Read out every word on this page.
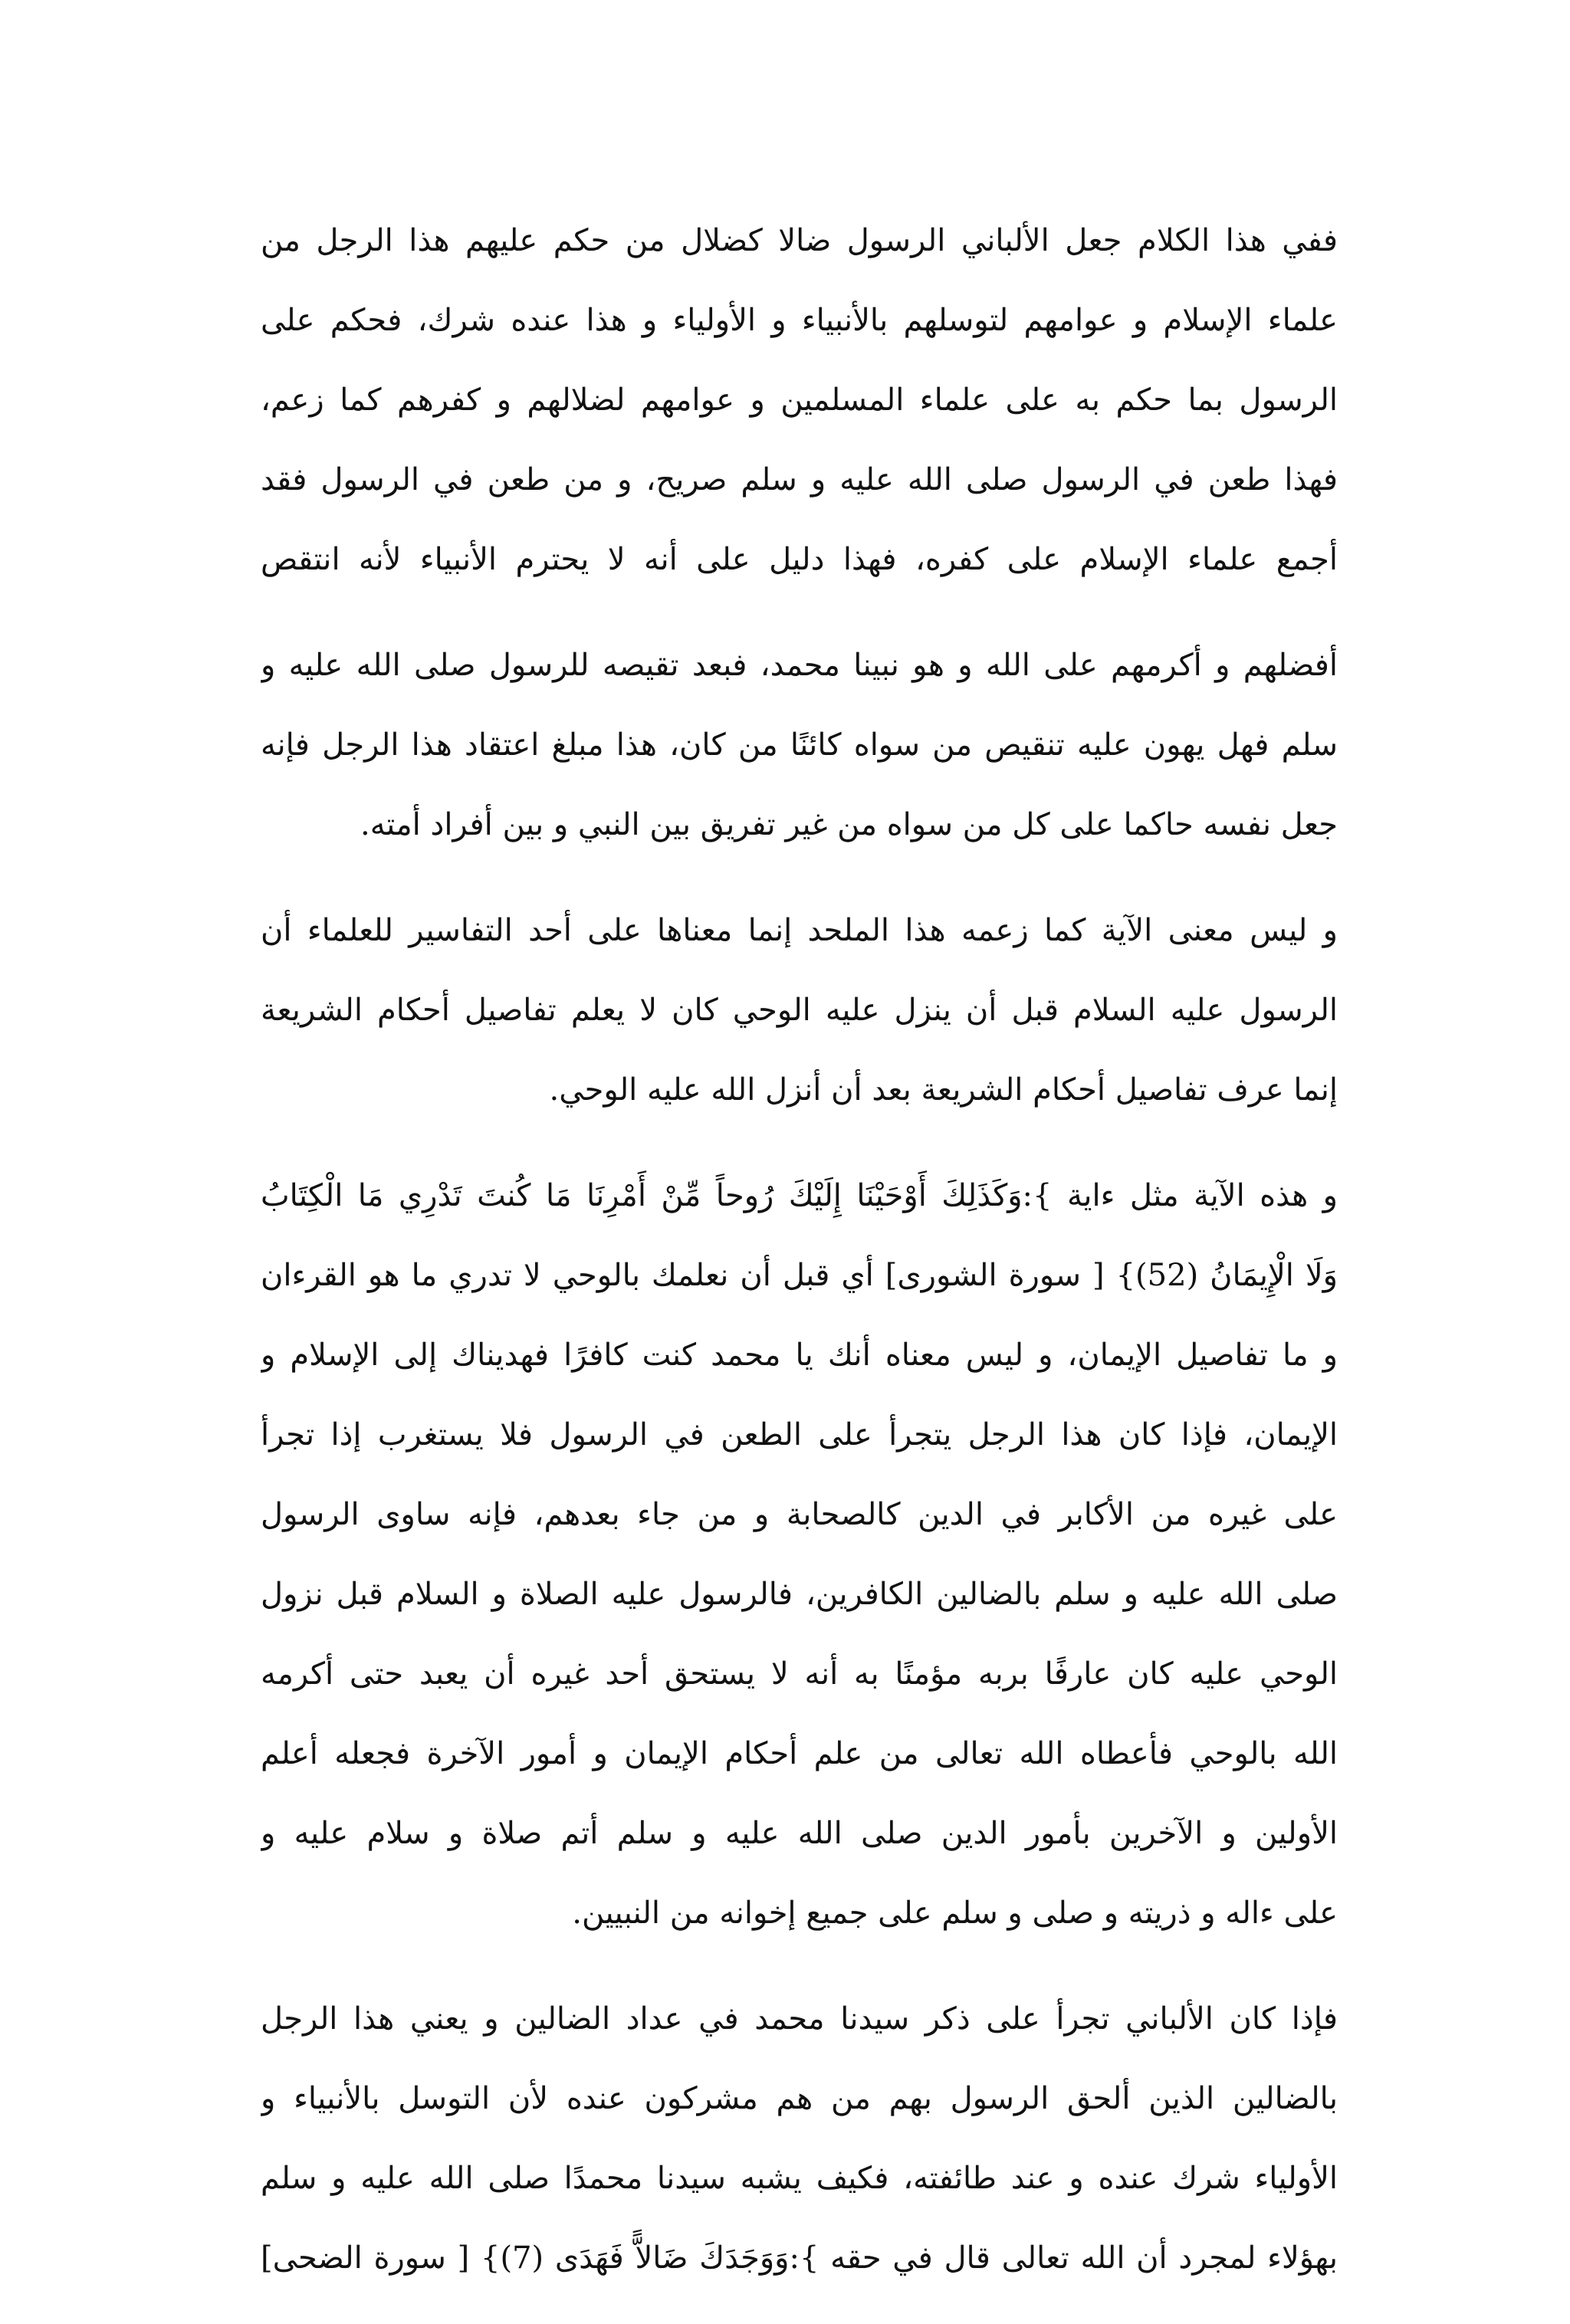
ففي هذا الكلام جعل الألباني الرسول ضالا كضلال من حكم عليهم هذا الرجل من
علماء الإسلام و عوامهم لتوسلهم بالأنبياء و الأولياء و هذا عنده شرك، فحكم على
الرسول بما حكم به على علماء المسلمين و عوامهم لضلالهم و كفرهم كما زعم،
فهذا طعن في الرسول صلى الله عليه و سلم صريح، و من طعن في الرسول فقد
أجمع علماء الإسلام على كفره، فهذا دليل على أنه لا يحترم الأنبياء لأنه انتقص

أفضلهم و أكرمهم على الله و هو نبينا محمد، فبعد تقيصه للرسول صلى الله عليه و
سلم فهل يهون عليه تنقيص من سواه كائنًا من كان، هذا مبلغ اعتقاد هذا الرجل فإنه
جعل نفسه حاكما على كل من سواه من غير تفريق بين النبي و بين أفراد أمته.

و ليس معنى الآية كما زعمه هذا الملحد إنما معناها على أحد التفاسير للعلماء أن
الرسول عليه السلام قبل أن ينزل عليه الوحي كان لا يعلم تفاصيل أحكام الشريعة
إنما عرف تفاصيل أحكام الشريعة بعد أن أنزل الله عليه الوحي.

و هذه الآية مثل ءاية }:وَكَذَلِكَ أَوْحَيْنَا إِلَيْكَ رُوحاً مِّنْ أَمْرِنَا مَا كُنتَ تَدْرِي مَا الْكِتَابُ
وَلَا الْإِيمَانُ (52)} [ سورة الشورى] أي قبل أن نعلمك بالوحي لا تدري ما هو القرءان
و ما تفاصيل الإيمان، و ليس معناه أنك يا محمد كنت كافرًا فهديناك إلى الإسلام و
الإيمان، فإذا كان هذا الرجل يتجرأ على الطعن في الرسول فلا يستغرب إذا تجرأ
على غيره من الأكابر في الدين كالصحابة و من جاء بعدهم، فإنه ساوى الرسول
صلى الله عليه و سلم بالضالين الكافرين، فالرسول عليه الصلاة و السلام قبل نزول
الوحي عليه كان عارفًا بربه مؤمنًا به أنه لا يستحق أحد غيره أن يعبد حتى أكرمه
الله بالوحي فأعطاه الله تعالى من علم أحكام الإيمان و أمور الآخرة فجعله أعلم
الأولين و الآخرين بأمور الدين صلى الله عليه و سلم أتم صلاة و سلام عليه و
على ءاله و ذريته و صلى و سلم على جميع إخوانه من النبيين.

فإذا كان الألباني تجرأ على ذكر سيدنا محمد في عداد الضالين و يعني هذا الرجل
بالضالين الذين ألحق الرسول بهم من هم مشركون عنده لأن التوسل بالأنبياء و
الأولياء شرك عنده و عند طائفته، فكيف يشبه سيدنا محمدًا صلى الله عليه و سلم
بهؤلاء لمجرد أن الله تعالى قال في حقه }:وَوَجَدَكَ ضَالاًّ فَهَدَى (7)} [ سورة الضحى]
